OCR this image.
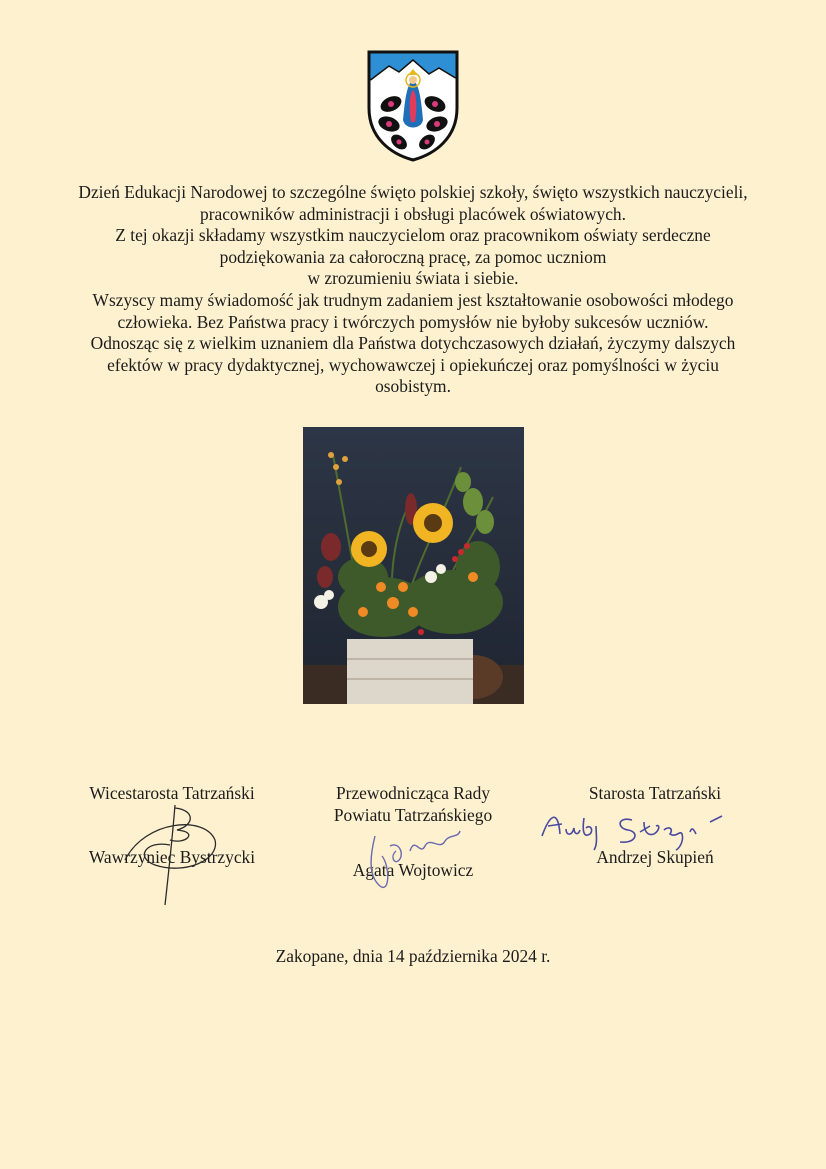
Dzień Edukacji Narodowej to szczególne święto polskiej szkoły, święto wszystkich nauczycieli,

pracowników administracji i obsługi placówek oświatowych.

Z tej okazji składamy wszystkim nauczycielom oraz pracownikom oświaty serdeczne

podziękowania za całoroczną pracę, za pomoc uczniom

w zrozumieniu świata i siebie.

Wszyscy mamy świadomość jak trudnym zadaniem jest kształtowanie osobowości młodego

człowieka. Bez Państwa pracy i twórczych pomysłów nie byłoby sukcesów uczniów.

Odnosząc się z wielkim uznaniem dla Państwa dotychczasowych działań, życzymy dalszych

efektów w pracy dydaktycznej, wychowawczej i opiekuńczej oraz pomyślności w życiu

osobistym.

Wicestarosta Tatrzański
Wawrzyniec Bystrzycki
Przewodnicząca Rady
Powiatu Tatrzańskiego
Agata Wojtowicz
Starosta Tatrzański
Andrzej Skupień
Zakopane, dnia 14 października 2024 r.
